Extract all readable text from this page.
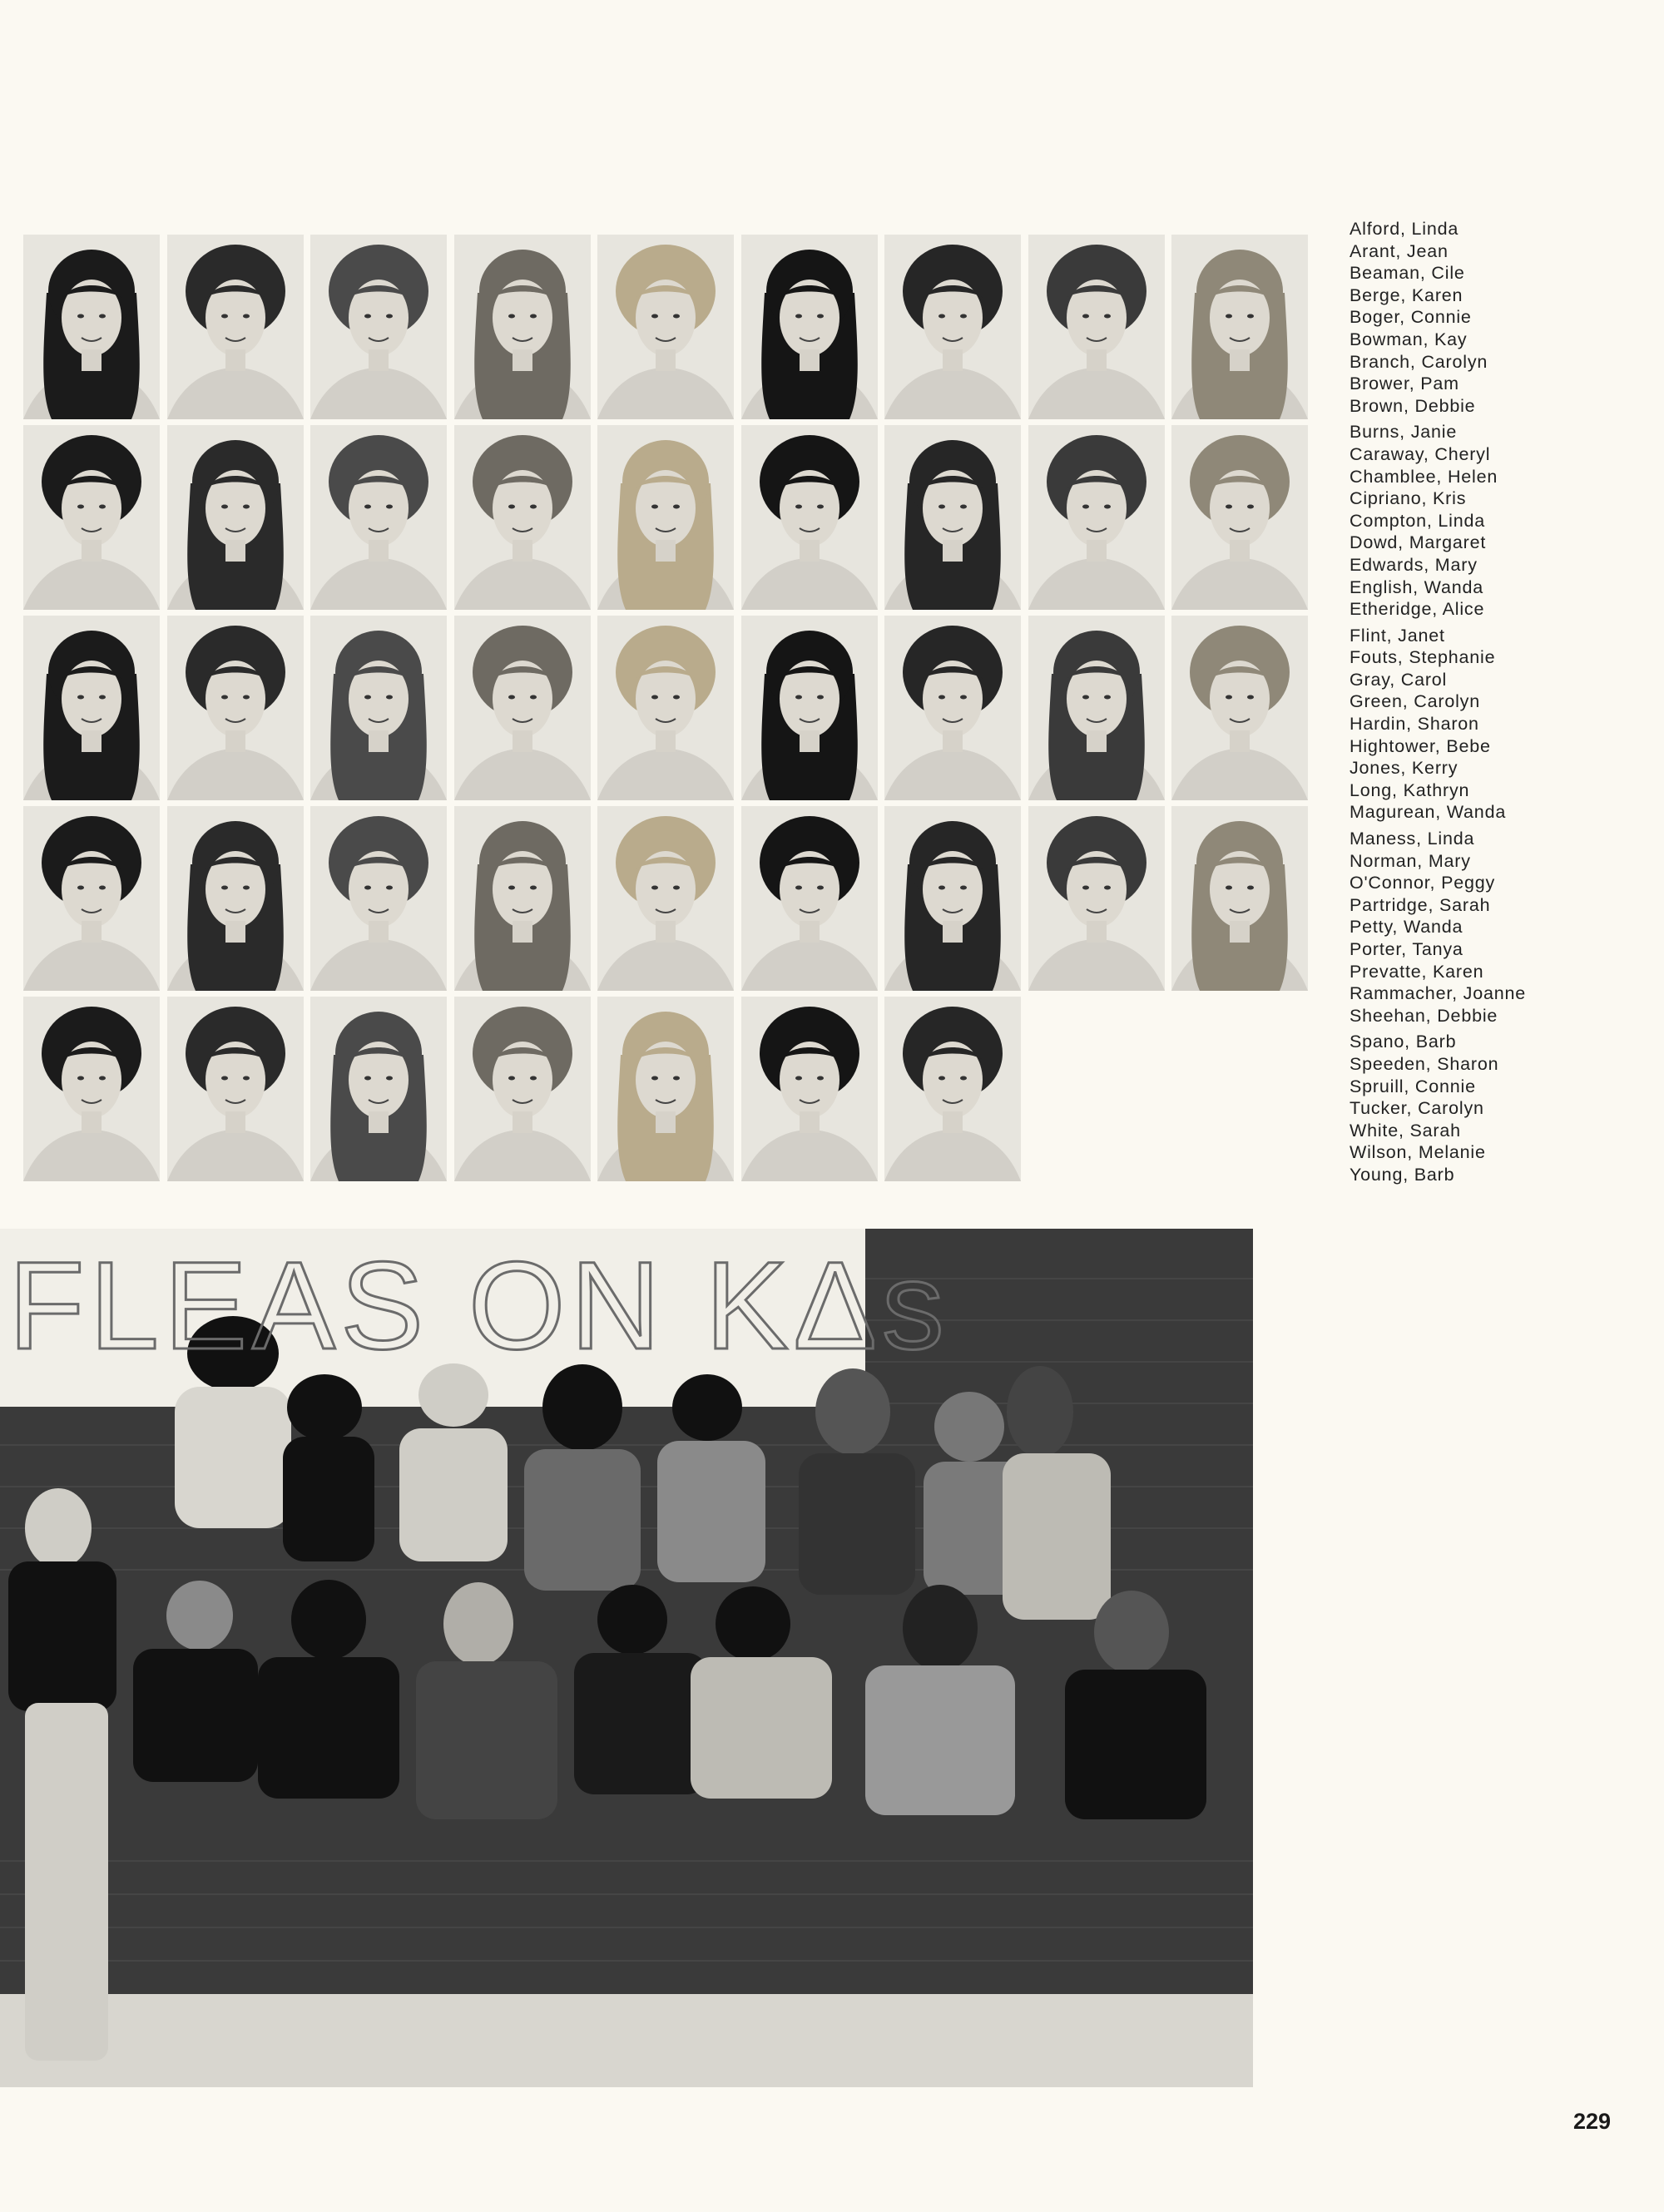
Alford, Linda
Arant, Jean
Beaman, Cile
Berge, Karen
Boger, Connie
Bowman, Kay
Branch, Carolyn
Brower, Pam
Brown, Debbie
Burns, Janie
Caraway, Cheryl
Chamblee, Helen
Cipriano, Kris
Compton, Linda
Dowd, Margaret
Edwards, Mary
English, Wanda
Etheridge, Alice
Flint, Janet
Fouts, Stephanie
Gray, Carol
Green, Carolyn
Hardin, Sharon
Hightower, Bebe
Jones, Kerry
Long, Kathryn
Magurean, Wanda
Maness, Linda
Norman, Mary
O'Connor, Peggy
Partridge, Sarah
Petty, Wanda
Porter, Tanya
Prevatte, Karen
Rammacher, Joanne
Sheehan, Debbie
Spano, Barb
Speeden, Sharon
Spruill, Connie
Tucker, Carolyn
White, Sarah
Wilson, Melanie
Young, Barb
FLEAS ON KΔs
229
